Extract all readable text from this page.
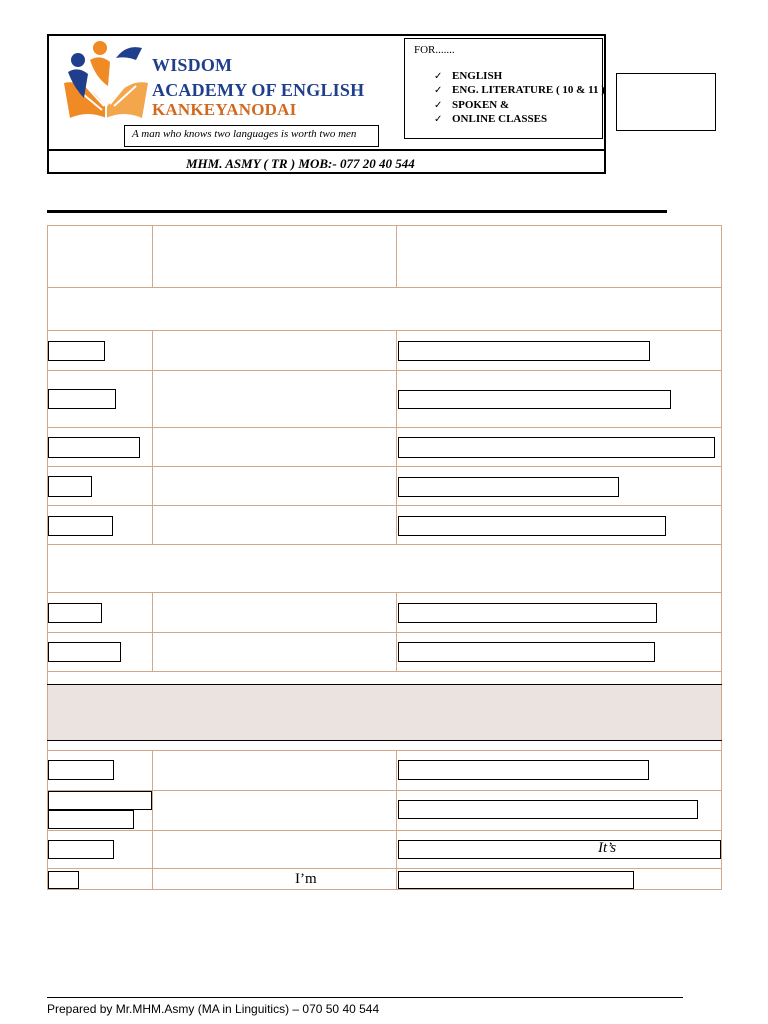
WISDOM
ACADEMY OF ENGLISH
KANKEYANODAI
A man who knows two languages is worth two men
MHM. ASMY ( TR ) MOB:- 077 20 40 544
FOR.......
✓ ENGLISH
✓ ENG. LITERATURE ( 10 & 11 )
✓ SPOKEN &
✓ ONLINE CLASSES
It’s
I’m
Prepared by Mr.MHM.Asmy (MA in Linguitics) – 070 50 40 544
